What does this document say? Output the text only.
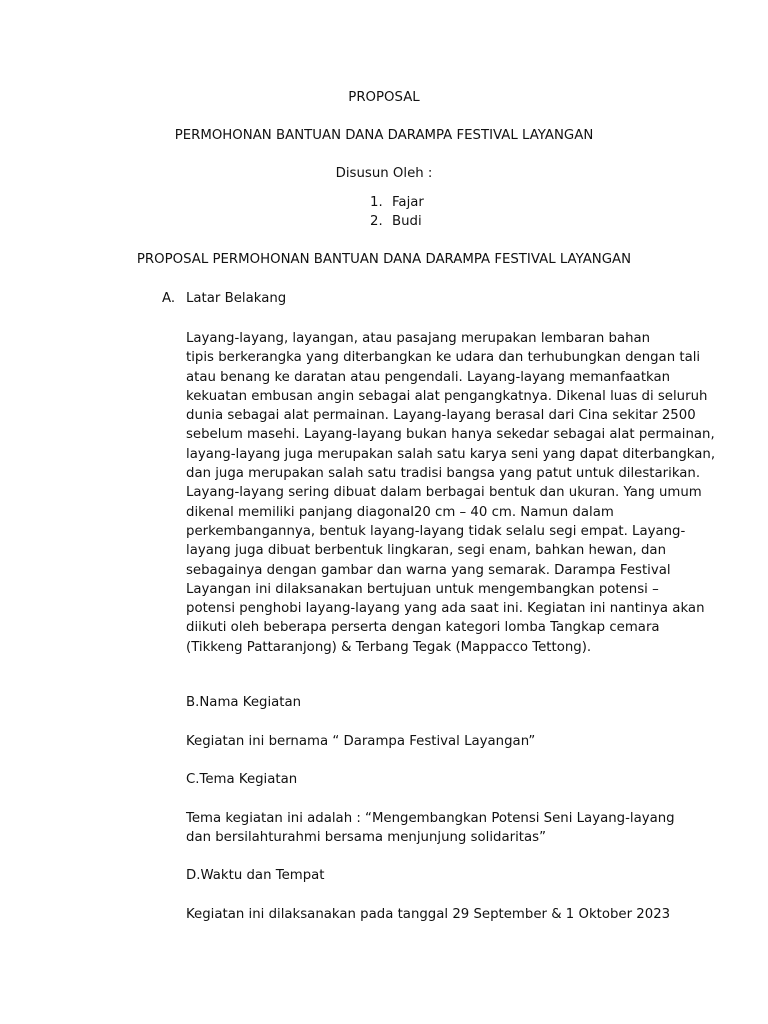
PROPOSAL
PERMOHONAN BANTUAN DANA DARAMPA FESTIVAL LAYANGAN
Disusun Oleh :
1. Fajar
2. Budi
PROPOSAL PERMOHONAN BANTUAN DANA DARAMPA FESTIVAL LAYANGAN
A. Latar Belakang
Layang-layang, layangan, atau pasajang merupakan lembaran bahan
tipis berkerangka yang diterbangkan ke udara dan terhubungkan dengan tali
atau benang ke daratan atau pengendali. Layang-layang memanfaatkan
kekuatan embusan angin sebagai alat pengangkatnya. Dikenal luas di seluruh
dunia sebagai alat permainan. Layang-layang berasal dari Cina sekitar 2500
sebelum masehi. Layang-layang bukan hanya sekedar sebagai alat permainan,
layang-layang juga merupakan salah satu karya seni yang dapat diterbangkan,
dan juga merupakan salah satu tradisi bangsa yang patut untuk dilestarikan.
Layang-layang sering dibuat dalam berbagai bentuk dan ukuran. Yang umum
dikenal memiliki panjang diagonal20 cm – 40 cm. Namun dalam
perkembangannya, bentuk layang-layang tidak selalu segi empat. Layang-
layang juga dibuat berbentuk lingkaran, segi enam, bahkan hewan, dan
sebagainya dengan gambar dan warna yang semarak. Darampa Festival
Layangan ini dilaksanakan bertujuan untuk mengembangkan potensi –
potensi penghobi layang-layang yang ada saat ini. Kegiatan ini nantinya akan
diikuti oleh beberapa perserta dengan kategori lomba Tangkap cemara
(Tikkeng Pattaranjong) & Terbang Tegak (Mappacco Tettong).
B.Nama Kegiatan
Kegiatan ini bernama “ Darampa Festival Layangan”
C.Tema Kegiatan
Tema kegiatan ini adalah : “Mengembangkan Potensi Seni Layang-layang
dan bersilahturahmi bersama menjunjung solidaritas”
D.Waktu dan Tempat
Kegiatan ini dilaksanakan pada tanggal 29 September & 1 Oktober 2023
